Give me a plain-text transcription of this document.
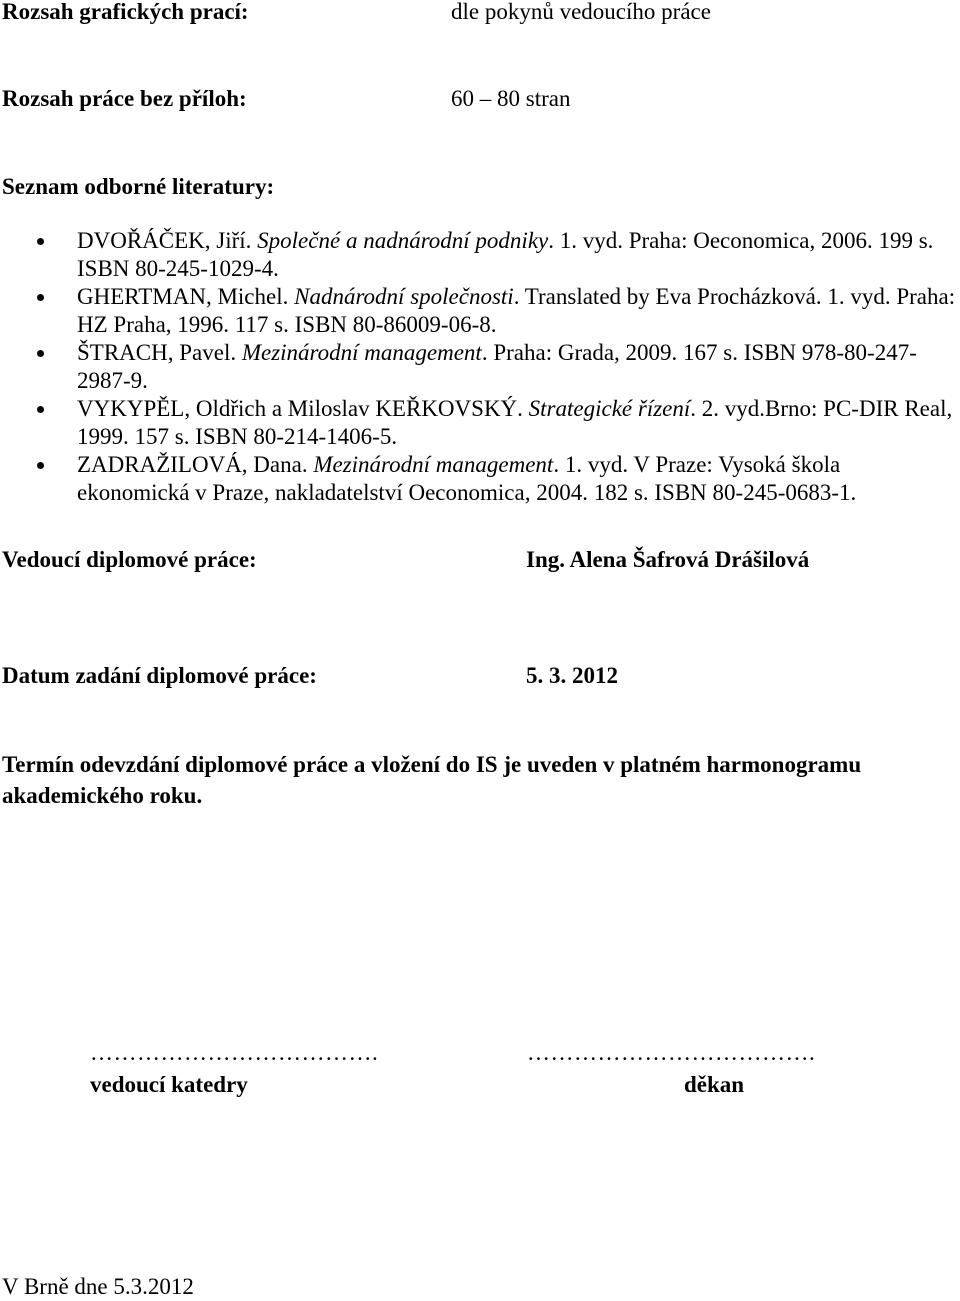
Rozsah grafických prací:	dle pokynů vedoucího práce
Rozsah práce bez příloh:	60 – 80 stran
Seznam odborné literatury:
DVOŘÁČEK, Jiří. Společné a nadnárodní podniky. 1. vyd. Praha: Oeconomica, 2006. 199 s. ISBN 80-245-1029-4.
GHERTMAN, Michel. Nadnárodní společnosti. Translated by Eva Procházková. 1. vyd. Praha: HZ Praha, 1996. 117 s. ISBN 80-86009-06-8.
ŠTRACH, Pavel. Mezinárodní management. Praha: Grada, 2009. 167 s. ISBN 978-80-247-2987-9.
VYKYPĚL, Oldřich a Miloslav KEŘKOVSKÝ. Strategické řízení. 2. vyd.Brno: PC-DIR Real, 1999. 157 s. ISBN 80-214-1406-5.
ZADRAŽILOVÁ, Dana. Mezinárodní management. 1. vyd. V Praze: Vysoká škola ekonomická v Praze, nakladatelství Oeconomica, 2004. 182 s. ISBN 80-245-0683-1.
Vedoucí diplomové práce:	Ing. Alena Šafrová Drášilová
Datum zadání diplomové práce:	5. 3. 2012
Termín odevzdání diplomové práce a vložení do IS je uveden v platném harmonogramu akademického roku.
……………………………….	……………………………….
vedoucí katedry	děkan
V Brně dne 5.3.2012
